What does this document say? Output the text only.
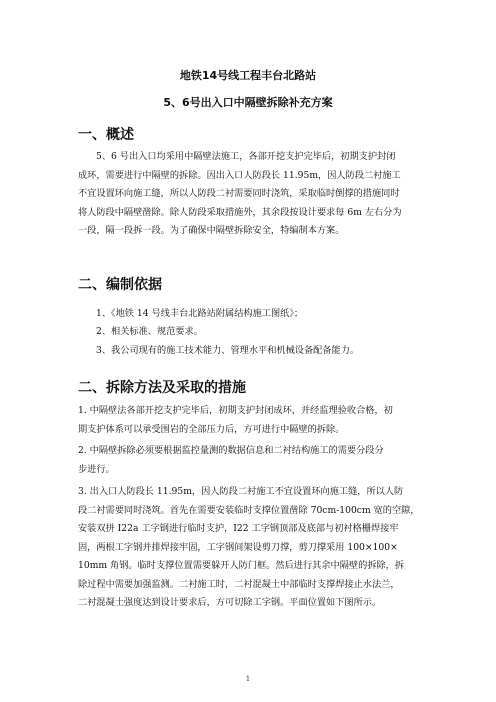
地铁14号线工程丰台北路站
5、6号出入口中隔壁拆除补充方案
一、概述
5、6 号出入口均采用中隔壁法施工，各部开挖支护完毕后，初期支护封闭
成环，需要进行中隔壁的拆除。因出入口人防段长 11.95m，因人防段二衬施工
不宜设置环向施工缝，所以人防段二衬需要同时浇筑，采取临时倒撑的措施同时
将人防段中隔壁凿除。除人防段采取措施外，其余段按设计要求每 6m 左右分为
一段，隔一段拆一段。为了确保中隔壁拆除安全，特编制本方案。
二、编制依据
1、《地铁 14 号线丰台北路站附属结构施工图纸》；
2、相关标准、规范要求。
3、我公司现有的施工技术能力、管理水平和机械设备配备能力。
二、拆除方法及采取的措施
1. 中隔壁法各部开挖支护完毕后，初期支护封闭成环，并经监理验收合格，初
期支护体系可以承受围岩的全部压力后，方可进行中隔壁的拆除。
2. 中隔壁拆除必须要根据监控量测的数据信息和二衬结构施工的需要分段分
步进行。
3. 出入口人防段长 11.95m，因人防段二衬施工不宜设置环向施工缝，所以人防
段二衬需要同时浇筑。首先在需要安装临时支撑位置凿除 70cm-100cm 宽的空隙，
安装双拼 I22a 工字钢进行临时支护，I22 工字钢顶部及底部与初衬格栅焊接牢
固，两根工字钢并排焊接牢固，工字钢间架设剪刀撑，剪刀撑采用 100×100×
10mm 角钢。临时支撑位置需要躲开人防门框。然后进行其余中隔壁的拆除，拆
除过程中需要加强监测。二衬施工时，二衬混凝土中部临时支撑焊接止水法兰，
二衬混凝土强度达到设计要求后，方可切除工字钢。平面位置如下图所示。
1
